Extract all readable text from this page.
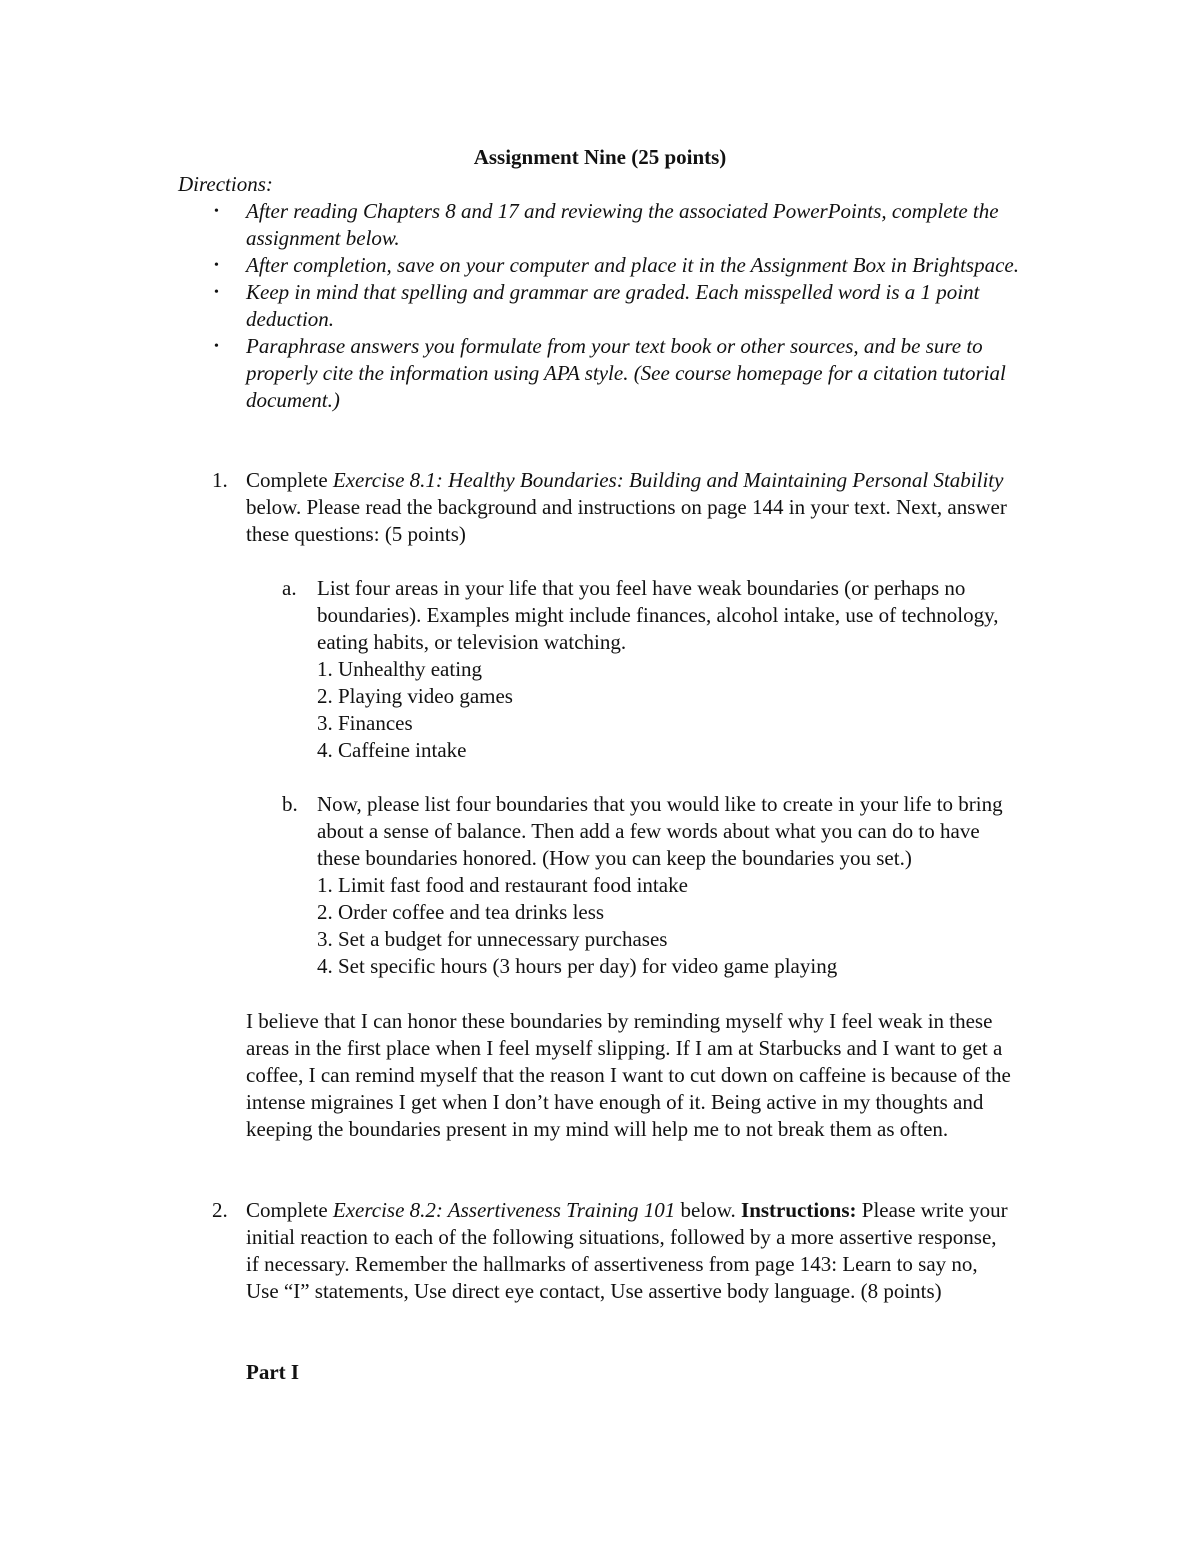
Assignment Nine (25 points)
Directions:
• After reading Chapters 8 and 17 and reviewing the associated PowerPoints, complete the assignment below.
• After completion, save on your computer and place it in the Assignment Box in Brightspace.
• Keep in mind that spelling and grammar are graded. Each misspelled word is a 1 point deduction.
• Paraphrase answers you formulate from your text book or other sources, and be sure to properly cite the information using APA style. (See course homepage for a citation tutorial document.)
1. Complete Exercise 8.1: Healthy Boundaries: Building and Maintaining Personal Stability below. Please read the background and instructions on page 144 in your text. Next, answer these questions: (5 points)
a. List four areas in your life that you feel have weak boundaries (or perhaps no boundaries). Examples might include finances, alcohol intake, use of technology, eating habits, or television watching.
1. Unhealthy eating
2. Playing video games
3. Finances
4. Caffeine intake
b. Now, please list four boundaries that you would like to create in your life to bring about a sense of balance. Then add a few words about what you can do to have these boundaries honored. (How you can keep the boundaries you set.)
1. Limit fast food and restaurant food intake
2. Order coffee and tea drinks less
3. Set a budget for unnecessary purchases
4. Set specific hours (3 hours per day) for video game playing
I believe that I can honor these boundaries by reminding myself why I feel weak in these areas in the first place when I feel myself slipping. If I am at Starbucks and I want to get a coffee, I can remind myself that the reason I want to cut down on caffeine is because of the intense migraines I get when I don’t have enough of it. Being active in my thoughts and keeping the boundaries present in my mind will help me to not break them as often.
2. Complete Exercise 8.2: Assertiveness Training 101 below. Instructions: Please write your initial reaction to each of the following situations, followed by a more assertive response, if necessary. Remember the hallmarks of assertiveness from page 143: Learn to say no, Use “I” statements, Use direct eye contact, Use assertive body language. (8 points)
Part I
